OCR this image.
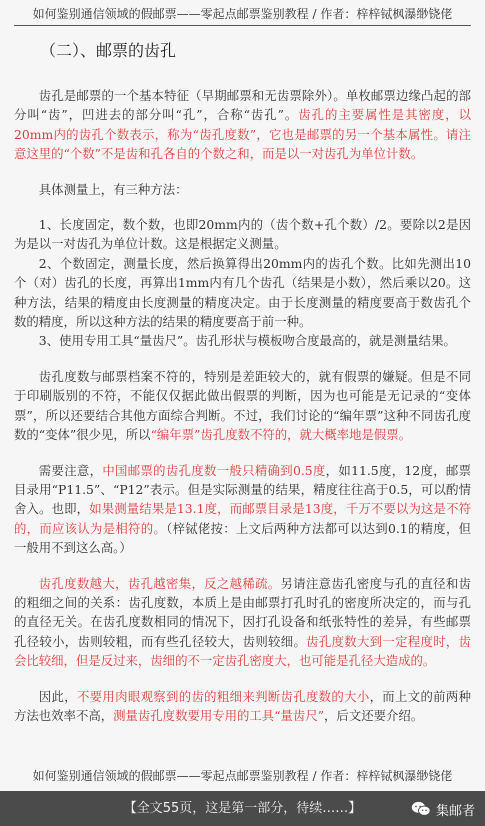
如何鉴别通信领域的假邮票——零起点邮票鉴别教程 / 作者：梓梓铽枫瀑缈铙佬
（二）、邮票的齿孔

齿孔是邮票的一个基本特征（早期邮票和无齿票除外）。单枚邮票边缘凸起的部分叫“齿”，凹进去的部分叫“孔”，合称“齿孔”。齿孔的主要属性是其密度，以20mm内的齿孔个数表示，称为“齿孔度数”，它也是邮票的另一个基本属性。请注意这里的“个数”不是齿和孔各自的个数之和，而是以一对齿孔为单位计数。

具体测量上，有三种方法：

1、长度固定，数个数，也即20mm内的（齿个数+孔个数）/2。要除以2是因为是以一对齿孔为单位计数。这是根据定义测量。

2、个数固定，测量长度，然后换算得出20mm内的齿孔个数。比如先测出10个（对）齿孔的长度，再算出1mm内有几个齿孔（结果是小数），然后乘以20。这种方法，结果的精度由长度测量的精度决定。由于长度测量的精度要高于数齿孔个数的精度，所以这种方法的结果的精度要高于前一种。

3、使用专用工具“量齿尺”。齿孔形状与模板吻合度最高的，就是测量结果。

齿孔度数与邮票档案不符的，特别是差距较大的，就有假票的嫌疑。但是不同于印刷版别的不符，不能仅仅据此做出假票的判断，因为也可能是无记录的“变体票”，所以还要结合其他方面综合判断。不过，我们讨论的“编年票”这种不同齿孔度数的“变体”很少见，所以“编年票”齿孔度数不符的，就大概率地是假票。

需要注意，中国邮票的齿孔度数一般只精确到0.5度，如11.5度，12度，邮票目录用“P11.5”、“P12”表示。但是实际测量的结果，精度往往高于0.5，可以酌情舍入。也即，如果测量结果是13.1度，而邮票目录是13度，千万不要以为这是不符的，而应该认为是相符的。（梓铽佬按：上文后两种方法都可以达到0.1的精度，但一般用不到这么高。）

齿孔度数越大，齿孔越密集，反之越稀疏。另请注意齿孔密度与孔的直径和齿的粗细之间的关系：齿孔度数，本质上是由邮票打孔时孔的密度所决定的，而与孔的直径无关。在齿孔度数相同的情况下，因打孔设备和纸张特性的差异，有些邮票孔径较小，齿则较粗，而有些孔径较大，齿则较细。齿孔度数大到一定程度时，齿会比较细，但是反过来，齿细的不一定齿孔密度大，也可能是孔径大造成的。

因此，不要用肉眼观察到的齿的粗细来判断齿孔度数的大小，而上文的前两种方法也效率不高，测量齿孔度数要用专用的工具“量齿尺”，后文还要介绍。

如何鉴别通信领域的假邮票——零起点邮票鉴别教程 / 作者：梓梓铽枫瀑缈铙佬
【全文55页，这是第一部分，待续……】	集邮者
